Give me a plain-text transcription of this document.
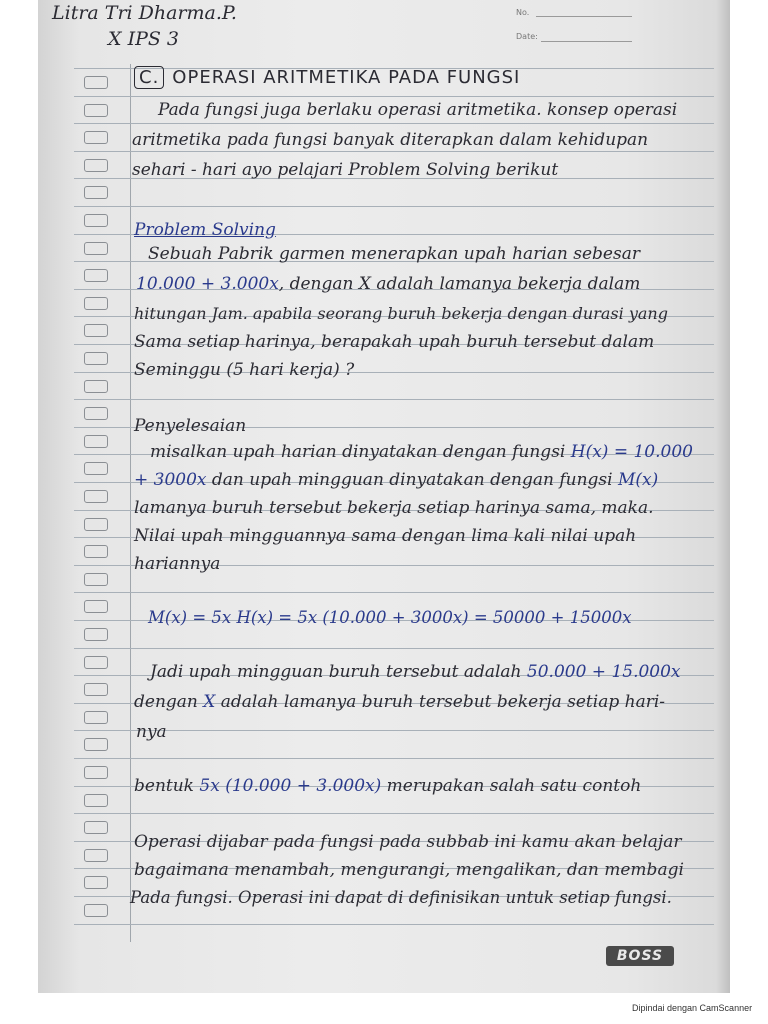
Litra Tri Dharma.P.
X IPS 3
No.
Date:
C. OPERASI ARITMETIKA PADA FUNGSI
Pada fungsi juga berlaku operasi aritmetika. konsep operasi
aritmetika pada fungsi banyak diterapkan dalam kehidupan
sehari - hari ayo pelajari Problem Solving berikut
Problem Solving
Sebuah Pabrik garmen menerapkan upah harian sebesar
10.000 + 3.000x, dengan X adalah lamanya bekerja dalam
hitungan Jam. apabila seorang buruh bekerja dengan durasi yang
Sama setiap harinya, berapakah upah buruh tersebut dalam
Seminggu (5 hari kerja) ?
Penyelesaian
misalkan upah harian dinyatakan dengan fungsi H(x) = 10.000
+ 3000x dan upah mingguan dinyatakan dengan fungsi M(x)
lamanya buruh tersebut bekerja setiap harinya sama, maka.
Nilai upah mingguannya sama dengan lima kali nilai upah
hariannya
M(x) = 5x H(x) = 5x (10.000 + 3000x) = 50000 + 15000x
Jadi upah mingguan buruh tersebut adalah 50.000 + 15.000x
dengan X adalah lamanya buruh tersebut bekerja setiap hari-
nya
bentuk 5x (10.000 + 3.000x) merupakan salah satu contoh
Operasi dijabar pada fungsi pada subbab ini kamu akan belajar
bagaimana menambah, mengurangi, mengalikan, dan membagi
Pada fungsi. Operasi ini dapat di definisikan untuk setiap fungsi.
BOSS
Dipindai dengan CamScanner
